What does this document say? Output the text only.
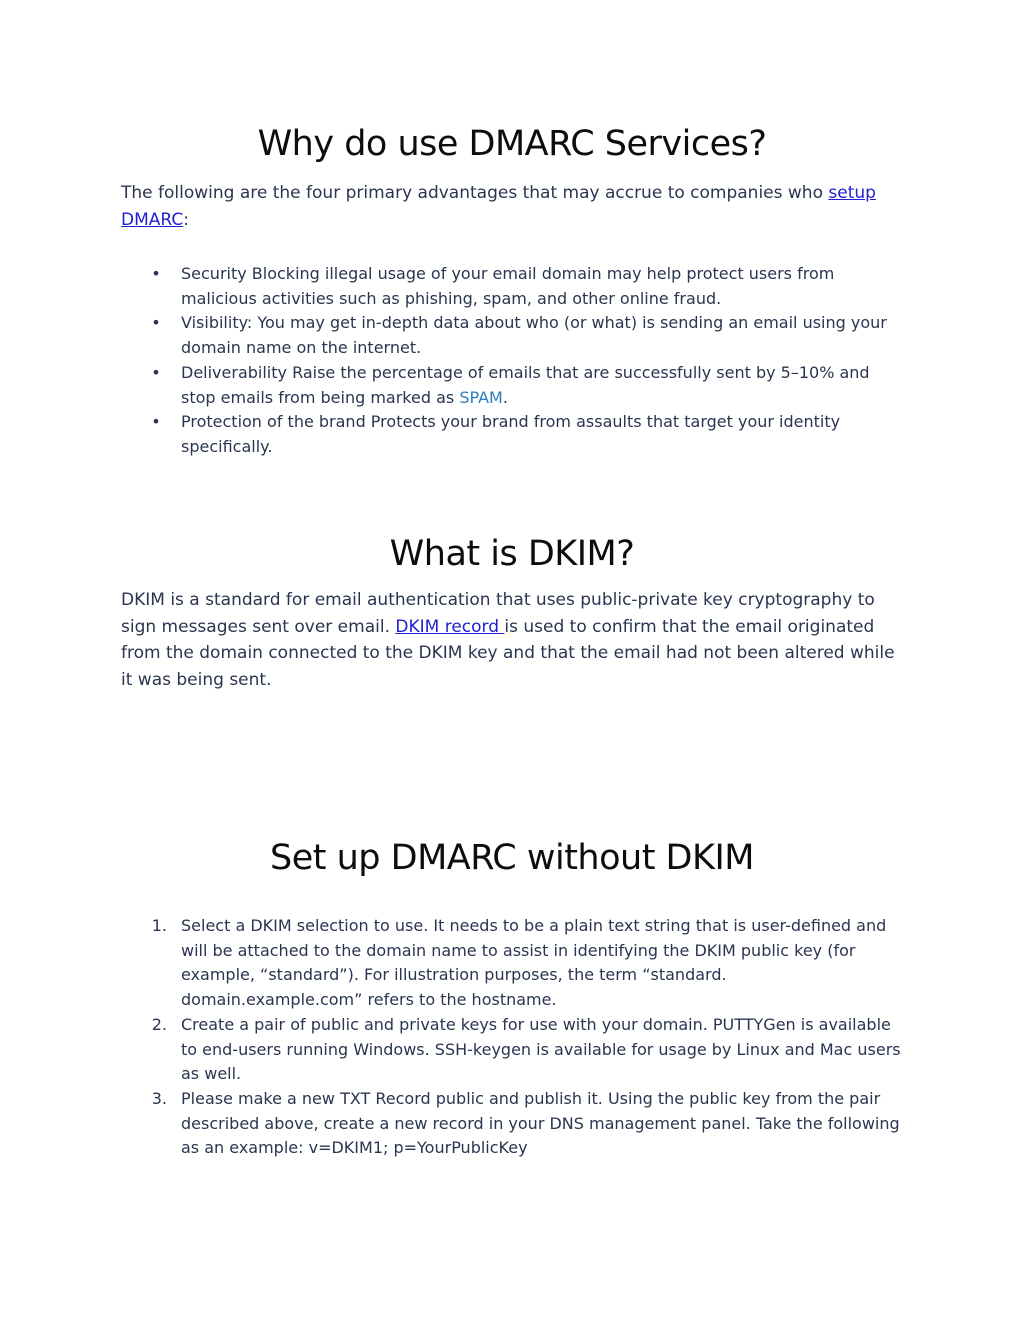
Why do use DMARC Services?

The following are the four primary advantages that may accrue to companies who setup DMARC:

• Security Blocking illegal usage of your email domain may help protect users from malicious activities such as phishing, spam, and other online fraud.
• Visibility: You may get in-depth data about who (or what) is sending an email using your domain name on the internet.
• Deliverability Raise the percentage of emails that are successfully sent by 5–10% and stop emails from being marked as SPAM.
• Protection of the brand Protects your brand from assaults that target your identity specifically.
What is DKIM?

DKIM is a standard for email authentication that uses public-private key cryptography to sign messages sent over email. DKIM record is used to confirm that the email originated from the domain connected to the DKIM key and that the email had not been altered while it was being sent.

Set up DMARC without DKIM
1. Select a DKIM selection to use. It needs to be a plain text string that is user-defined and will be attached to the domain name to assist in identifying the DKIM public key (for example, “standard”). For illustration purposes, the term “standard. domain.example.com” refers to the hostname.
2. Create a pair of public and private keys for use with your domain. PUTTYGen is available to end-users running Windows. SSH-keygen is available for usage by Linux and Mac users as well.
3. Please make a new TXT Record public and publish it. Using the public key from the pair described above, create a new record in your DNS management panel. Take the following as an example: v=DKIM1; p=YourPublicKey
